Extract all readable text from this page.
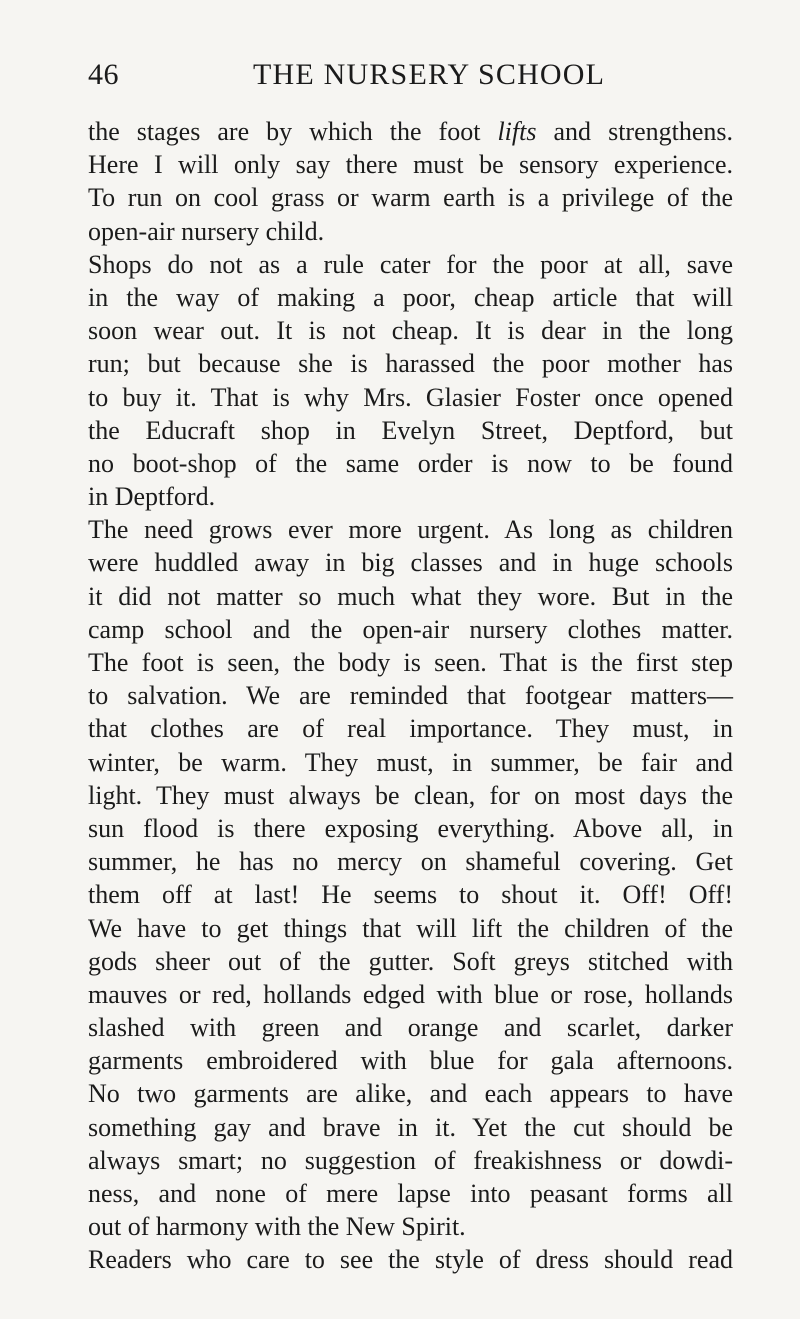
46	THE NURSERY SCHOOL
the stages are by which the foot lifts and strengthens.
Here I will only say there must be sensory experience.
To run on cool grass or warm earth is a privilege of the
open-air nursery child.
Shops do not as a rule cater for the poor at all, save
in the way of making a poor, cheap article that will
soon wear out. It is not cheap. It is dear in the long
run; but because she is harassed the poor mother has
to buy it. That is why Mrs. Glasier Foster once opened
the Educraft shop in Evelyn Street, Deptford, but
no boot-shop of the same order is now to be found
in Deptford.
The need grows ever more urgent. As long as children
were huddled away in big classes and in huge schools
it did not matter so much what they wore. But in the
camp school and the open-air nursery clothes matter.
The foot is seen, the body is seen. That is the first step
to salvation. We are reminded that footgear matters—
that clothes are of real importance. They must, in
winter, be warm. They must, in summer, be fair and
light. They must always be clean, for on most days the
sun flood is there exposing everything. Above all, in
summer, he has no mercy on shameful covering. Get
them off at last! He seems to shout it. Off! Off!
We have to get things that will lift the children of the
gods sheer out of the gutter. Soft greys stitched with
mauves or red, hollands edged with blue or rose, hollands
slashed with green and orange and scarlet, darker
garments embroidered with blue for gala afternoons.
No two garments are alike, and each appears to have
something gay and brave in it. Yet the cut should be
always smart; no suggestion of freakishness or dowdi-
ness, and none of mere lapse into peasant forms all
out of harmony with the New Spirit.
Readers who care to see the style of dress should read
